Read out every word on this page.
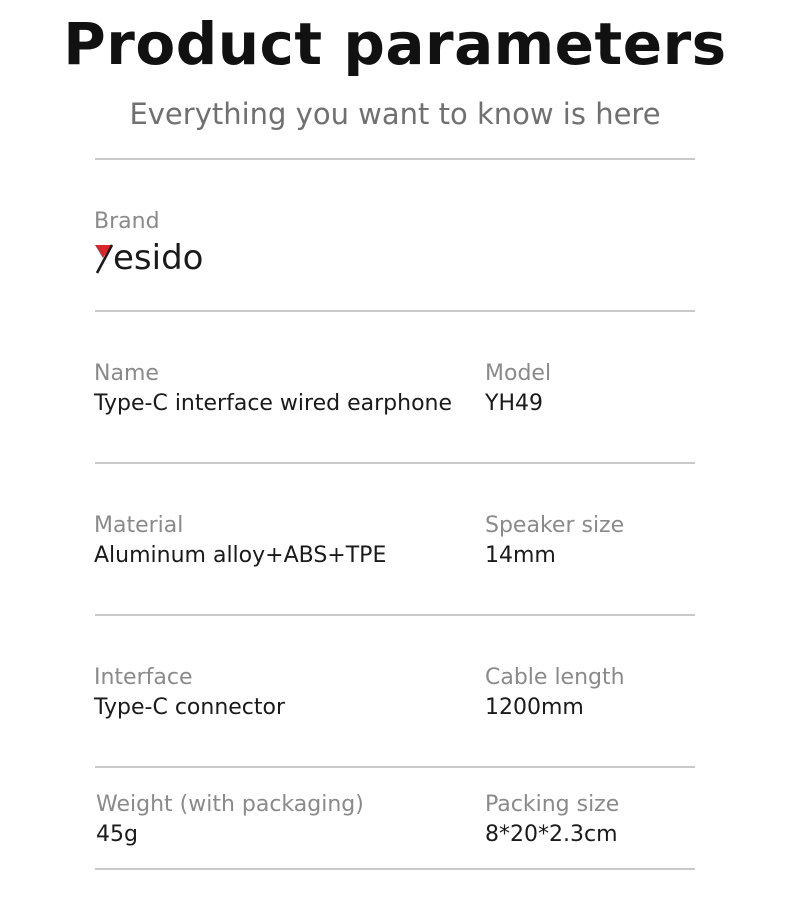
Product parameters
Everything you want to know is here
Brand
esido
Name
Type-C interface wired earphone
Model
YH49
Material
Aluminum alloy+ABS+TPE
Speaker size
14mm
Interface
Type-C connector
Cable length
1200mm
Weight (with packaging)
45g
Packing size
8*20*2.3cm
